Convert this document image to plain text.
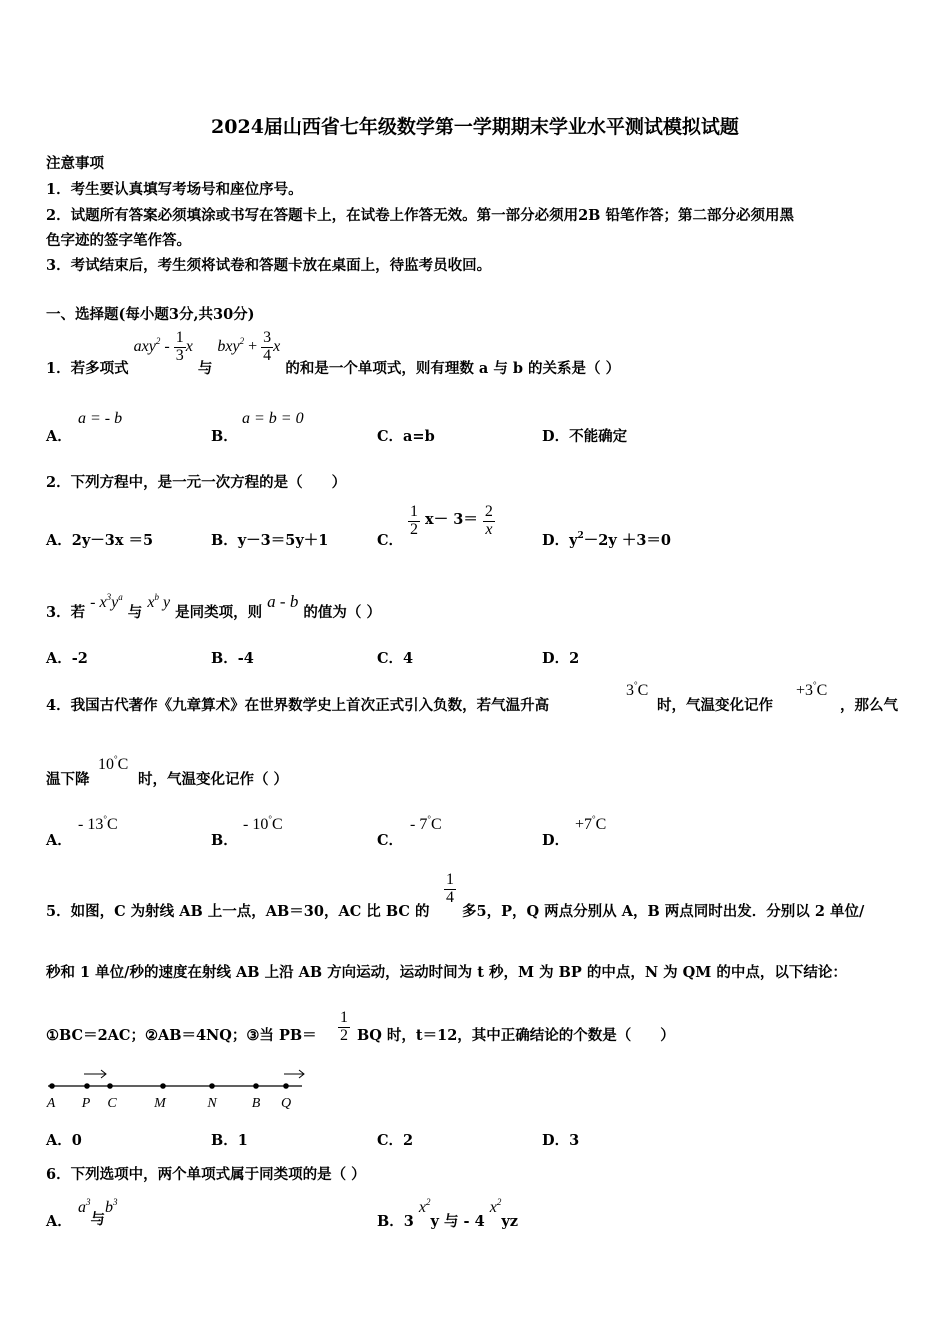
2024届山西省七年级数学第一学期期末学业水平测试模拟试题
注意事项
1．考生要认真填写考场号和座位序号。
2．试题所有答案必须填涂或书写在答题卡上，在试卷上作答无效。第一部分必须用2B 铅笔作答；第二部分必须用黑
色字迹的签字笔作答。
3．考试结束后，考生须将试卷和答题卡放在桌面上，待监考员收回。
一、选择题(每小题3分,共30分)
1．若多项式 $axy^2 - \frac{1}{3}$ x 与 $bxy^2 + \frac{3}{4}$ x 的和是一个单项式，则有理数 a 与 b 的关系是（ ）
A．
a = - b
B．
a = b = 0
C．a=b	D．不能确定
2．下列方程中，是一元一次方程的是（　　）
A．2y－3x ＝5	B．y－3＝5y＋1	C．
$\frac{1}{2} x- 3= \frac{2}{x}$
D．$y^2-2y +3=0$
3．若 - $x^3y^a$ 与 $x^b$ y 是同类项，则 a - b 的值为（ ）
A．-2	B．-4	C．4	D．2
4．我国古代著作《九章算术》在世界数学史上首次正式引入负数，若气温升高
3°C
时，气温变化记作
+3°C
，那么气
温下降
10°C
时，气温变化记作（ ）
A．
- 13°C
B．
- 10°C
C．
- 7°C
D．
+7°C
5．如图，C 为射线 AB 上一点，AB＝30，AC 比 BC 的
$\frac{1}{4}$
多5，P，Q 两点分别从 A，B 两点同时出发．分别以 2 单位/
秒和 1 单位/秒的速度在射线 AB 上沿 AB 方向运动，运动时间为 t 秒，M 为 BP 的中点，N 为 QM 的中点，以下结论：
①BC＝2AC；②AB＝4NQ；③当 $PB= \frac{1}{2}$ BQ 时，t＝12，其中正确结论的个数是（　　）
A P C	M	N	B Q
A．0	B．1	C．2	D．3
6．下列选项中，两个单项式属于同类项的是（ ）
A．
$a^3$与$b^3$
B．3 $x^2y$ 与 - 4 $x^2yz$
